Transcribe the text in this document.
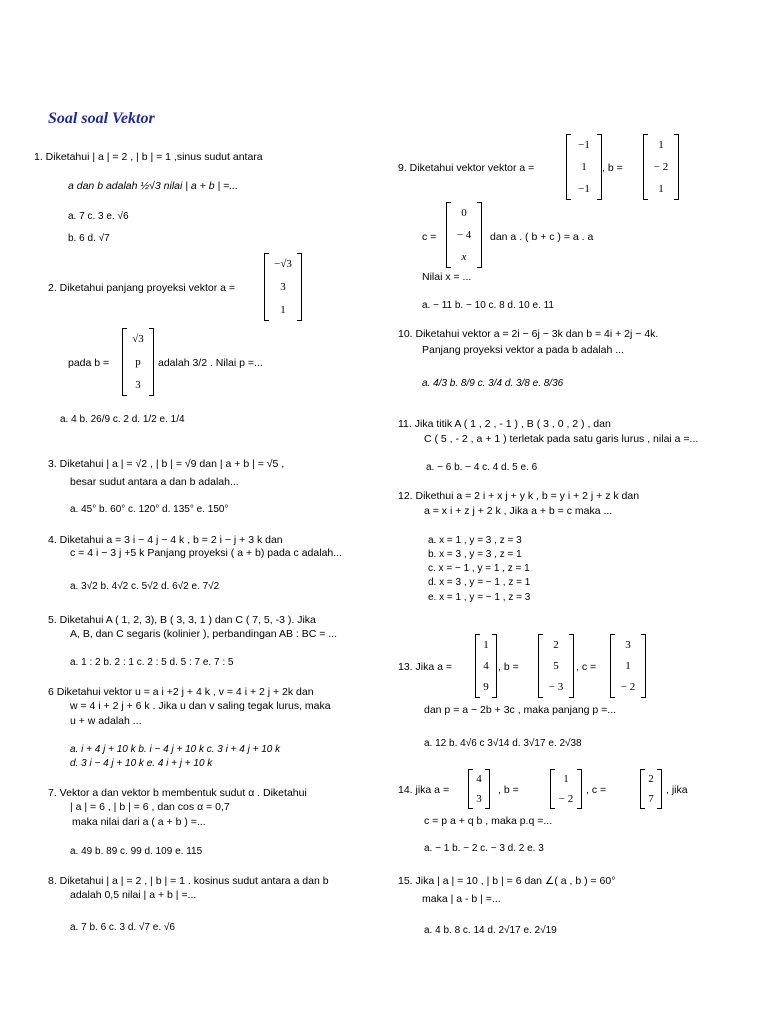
Soal soal Vektor
1. Diketahui | a | = 2 , | b | = 1 ,sinus sudut antara
a dan b adalah ½√3 nilai | a + b | =...
a. 7 c. 3 e. √6
b. 6 d. √7
2. Diketahui panjang proyeksi vektor a =
−√3
3
1
pada b =
√3
p
3
adalah 3/2 . Nilai p =...
a. 4 b. 26/9 c. 2 d. 1/2 e. 1/4
3. Diketahui | a | = √2 , | b | = √9 dan | a + b | = √5 ,
besar sudut antara a dan b adalah...
a. 45° b. 60° c. 120° d. 135° e. 150°
4. Diketahui a = 3 i − 4 j − 4 k , b = 2 i − j + 3 k dan
c = 4 i − 3 j +5 k Panjang proyeksi ( a + b) pada c adalah...
a. 3√2 b. 4√2 c. 5√2 d. 6√2 e. 7√2
5. Diketahui A ( 1, 2, 3), B ( 3, 3, 1 ) dan C ( 7, 5, -3 ). Jika
A, B, dan C segaris (kolinier ), perbandingan AB : BC = ...
a. 1 : 2 b. 2 : 1 c. 2 : 5 d. 5 : 7 e. 7 : 5
6 Diketahui vektor u = a i +2 j + 4 k , v = 4 i + 2 j + 2k dan
w = 4 i + 2 j + 6 k . Jika u dan v saling tegak lurus, maka
u + w adalah ...
a. i + 4 j + 10 k b. i − 4 j + 10 k c. 3 i + 4 j + 10 k
d. 3 i − 4 j + 10 k e. 4 i + j + 10 k
7. Vektor a dan vektor b membentuk sudut α . Diketahui
| a | = 6 , | b | = 6 , dan cos α = 0,7
maka nilai dari a ( a + b ) =...
a. 49 b. 89 c. 99 d. 109 e. 115
8. Diketahui | a | = 2 , | b | = 1 . kosinus sudut antara a dan b
adalah 0,5 nilai | a + b | =...
a. 7 b. 6 c. 3 d. √7 e. √6
9. Diketahui vektor vektor a =
−1
1
−1
, b =
1
− 2
1
c =
0
− 4
x
dan a . ( b + c ) = a . a
Nilai x = ...
a. − 11 b. − 10 c. 8 d. 10 e. 11
10. Diketahui vektor a = 2i − 6j − 3k dan b = 4i + 2j − 4k.
Panjang proyeksi vektor a pada b adalah ...
a. 4/3 b. 8/9 c. 3/4 d. 3/8 e. 8/36
11. Jika titik A ( 1 , 2 , - 1 ) , B ( 3 , 0 , 2 ) , dan
C ( 5 , - 2 , a + 1 ) terletak pada satu garis lurus , nilai a =...
a. − 6 b. − 4 c. 4 d. 5 e. 6
12. Dikethui a = 2 i + x j + y k , b = y i + 2 j + z k dan
a = x i + z j + 2 k , Jika a + b = c maka ...
a. x = 1 , y = 3 , z = 3
b. x = 3 , y = 3 , z = 1
c. x = − 1 , y = 1 , z = 1
d. x = 3 , y = − 1 , z = 1
e. x = 1 , y = − 1 , z = 3
13. Jika a =
1
4
9
, b =
2
5
− 3
, c =
3
1
− 2
dan p = a − 2b + 3c , maka panjang p =...
a. 12 b. 4√6 c 3√14 d. 3√17 e. 2√38
14. jika a =
4
3
, b =
1
− 2
, c =
2
7
, jika
c = p a + q b , maka p.q =...
a. − 1 b. − 2 c. − 3 d. 2 e. 3
15. Jika | a | = 10 , | b | = 6 dan ∠( a , b ) = 60°
maka | a - b | =...
a. 4 b. 8 c. 14 d. 2√17 e. 2√19
